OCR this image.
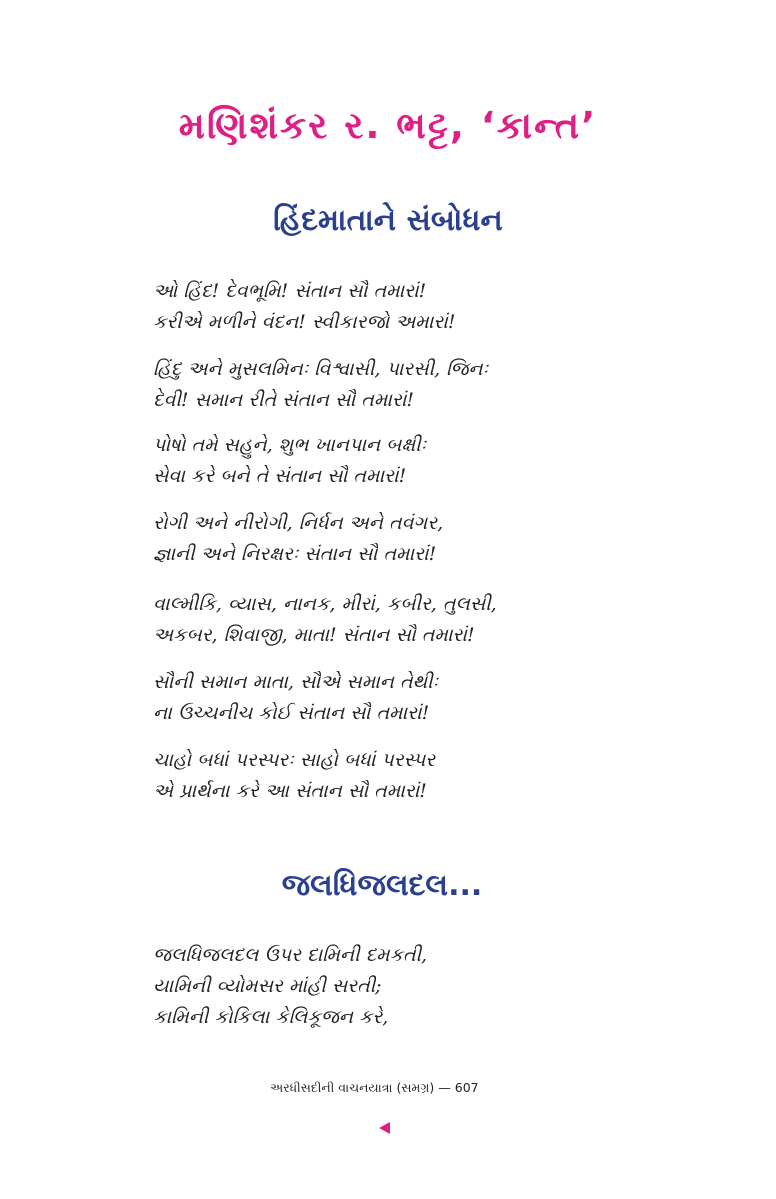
મણિશંકર ર. ભટ્ટ, ‘કાન્ત’
હિંદમાતાને સંબોધન
ઓ હિંદ! દેવભૂમિ! સંતાન સૌ તમારાં!
કરીએ મળીને વંદન! સ્વીકારજો અમારાં!
હિંદુ અને મુસલમિનઃ વિશ્વાસી, પારસી, જિનઃ
દેવી! સમાન રીતે સંતાન સૌ તમારાં!
પોષો તમે સહુને, શુભ ખાનપાન બક્ષીઃ
સેવા કરે બને તે સંતાન સૌ તમારાં!
રોગી અને નીરોગી, નિર્ધન અને તવંગર,
જ્ઞાની અને નિરક્ષરઃ સંતાન સૌ તમારાં!
વાલ્મીકિ, વ્યાસ, નાનક, મીરાં, કબીર, તુલસી,
અકબર, શિવાજી, માતા! સંતાન સૌ તમારાં!
સૌની સમાન માતા, સૌએ સમાન તેથીઃ
ના ઉચ્ચનીચ કોઈ સંતાન સૌ તમારાં!
ચાહો બધાં પરસ્પરઃ સાહો બધાં પરસ્પર
એ પ્રાર્થના કરે આ સંતાન સૌ તમારાં!
જલધિજલદલ...
જલધિજલદલ ઉપર દામિની દમકતી,
યામિની વ્યોમસર માંહી સરતી;
કામિની કોકિલા કેલિકૂજન કરે,
અરધીસદીની વાચનયાત્રા (સમગ્ર) — 607
